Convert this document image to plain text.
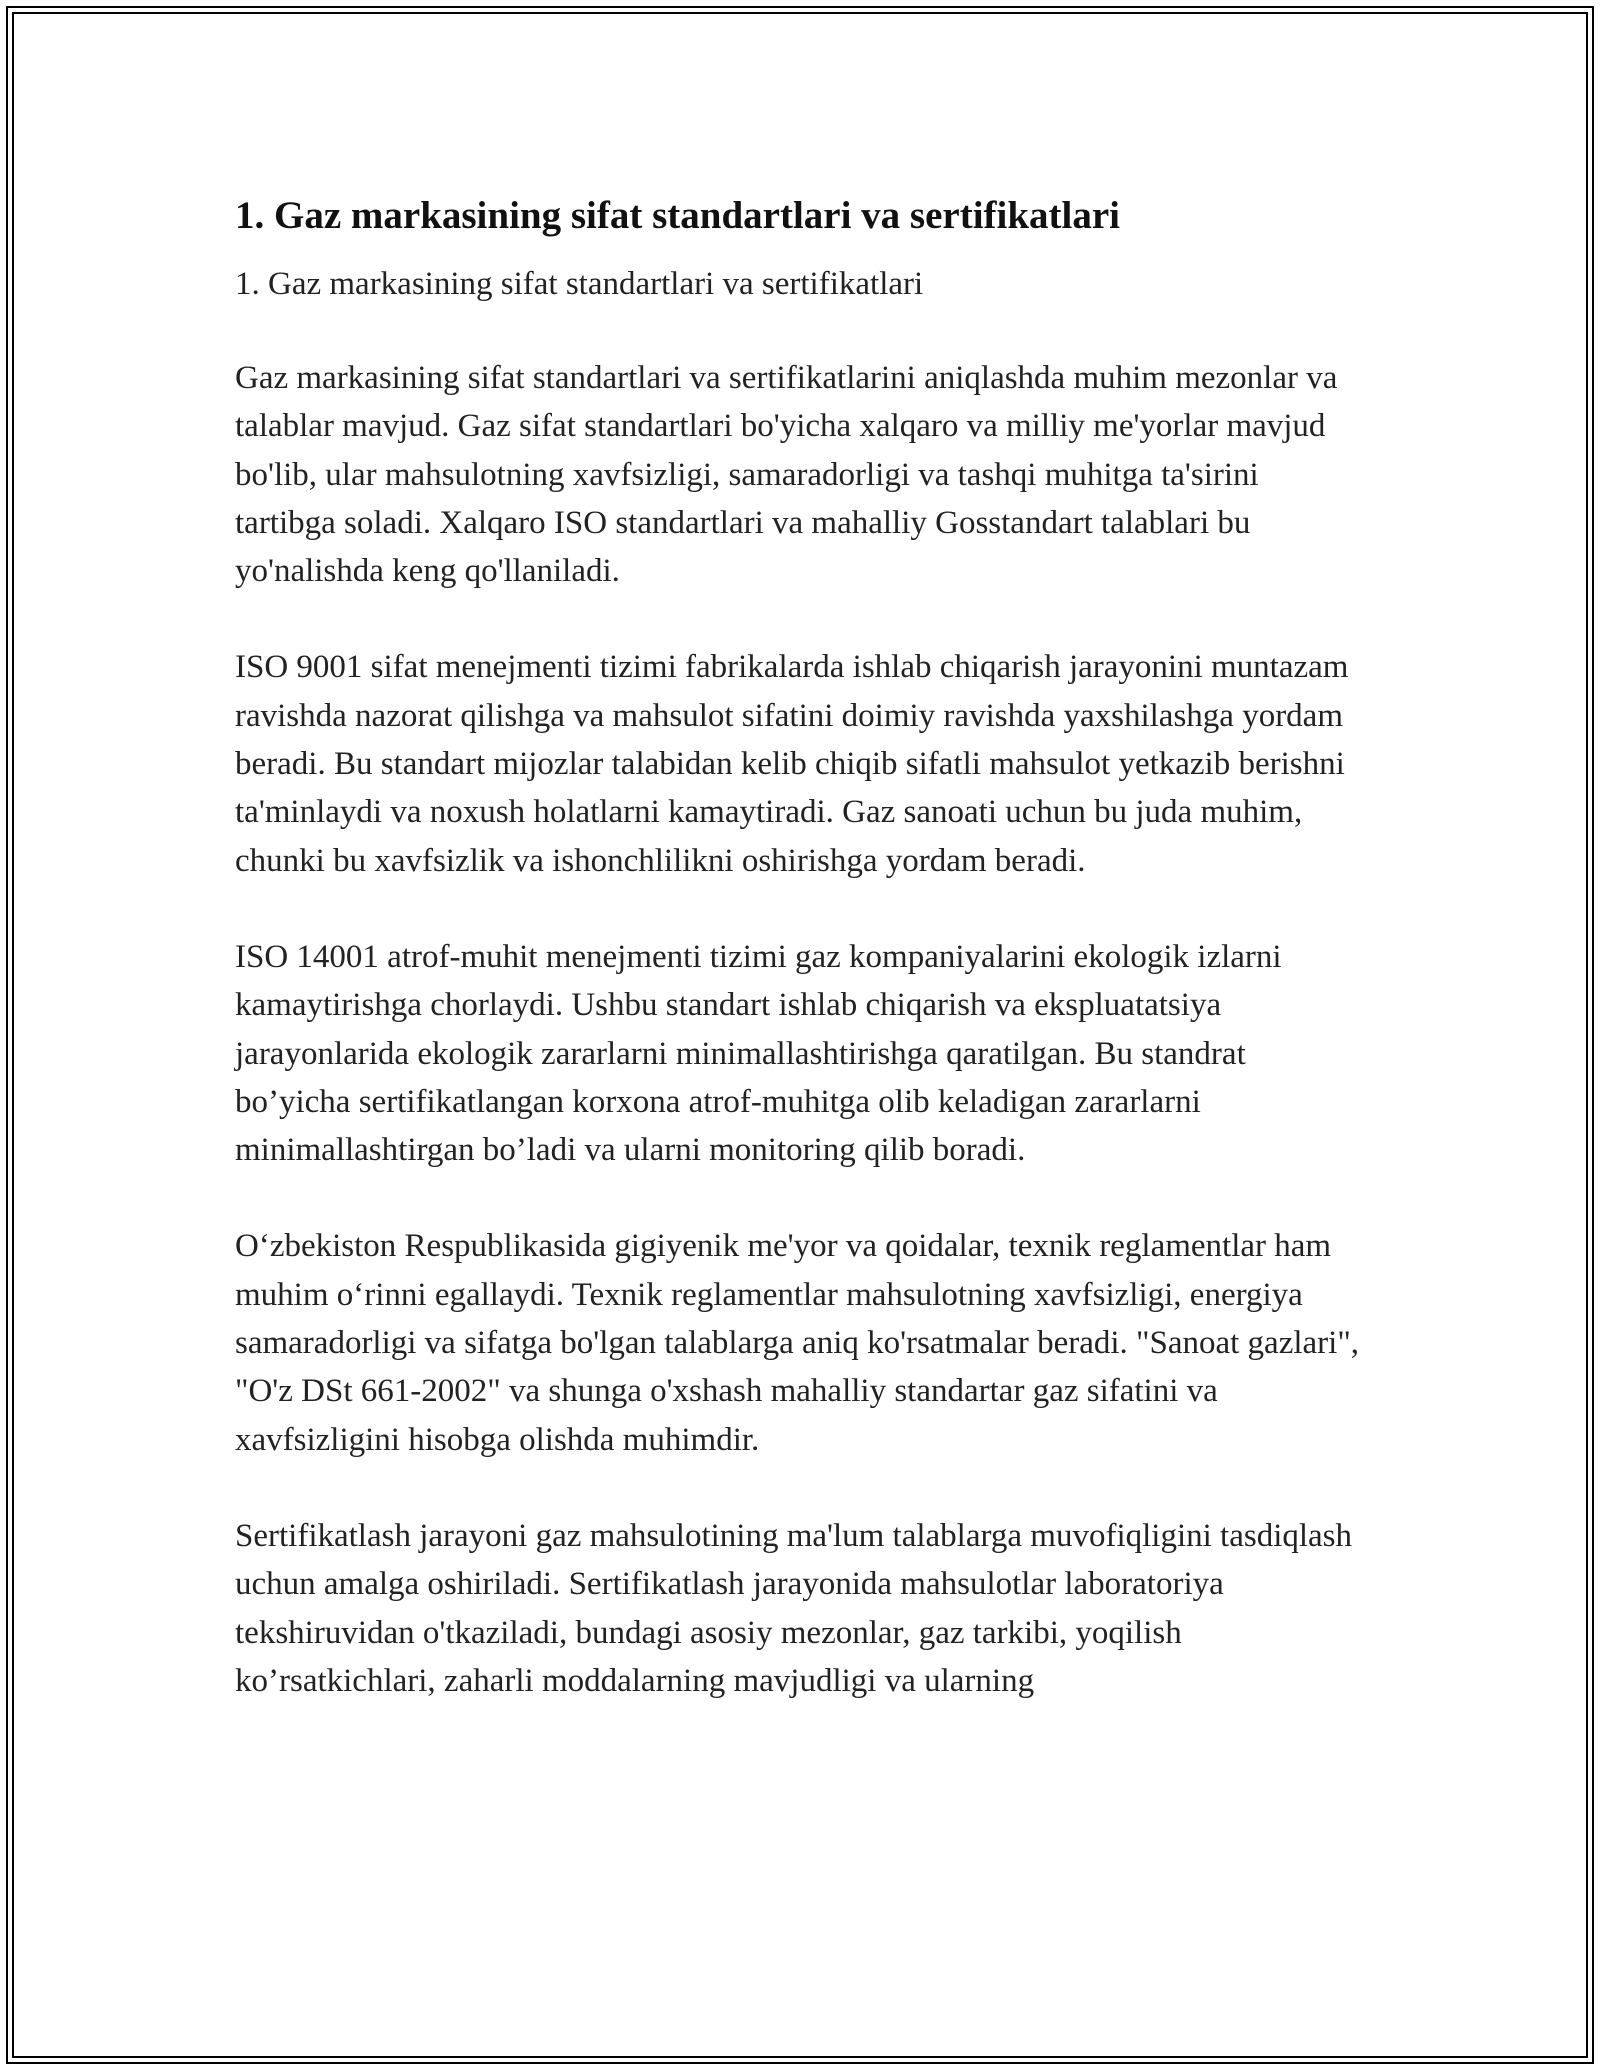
1. Gaz markasining sifat standartlari va sertifikatlari

1. Gaz markasining sifat standartlari va sertifikatlari

Gaz markasining sifat standartlari va sertifikatlarini aniqlashda muhim mezonlar va talablar mavjud. Gaz sifat standartlari bo'yicha xalqaro va milliy me'yorlar mavjud bo'lib, ular mahsulotning xavfsizligi, samaradorligi va tashqi muhitga ta'sirini tartibga soladi. Xalqaro ISO standartlari va mahalliy Gosstandart talablari bu yo'nalishda keng qo'llaniladi.

ISO 9001 sifat menejmenti tizimi fabrikalarda ishlab chiqarish jarayonini muntazam ravishda nazorat qilishga va mahsulot sifatini doimiy ravishda yaxshilashga yordam beradi. Bu standart mijozlar talabidan kelib chiqib sifatli mahsulot yetkazib berishni ta'minlaydi va noxush holatlarni kamaytiradi. Gaz sanoati uchun bu juda muhim, chunki bu xavfsizlik va ishonchlilikni oshirishga yordam beradi.

ISO 14001 atrof-muhit menejmenti tizimi gaz kompaniyalarini ekologik izlarni kamaytirishga chorlaydi. Ushbu standart ishlab chiqarish va ekspluatatsiya jarayonlarida ekologik zararlarni minimallashtirishga qaratilgan. Bu standrat bo’yicha sertifikatlangan korxona atrof-muhitga olib keladigan zararlarni minimallashtirgan bo’ladi va ularni monitoring qilib boradi.

O‘zbekiston Respublikasida gigiyenik me'yor va qoidalar, texnik reglamentlar ham muhim o‘rinni egallaydi. Texnik reglamentlar mahsulotning xavfsizligi, energiya samaradorligi va sifatga bo'lgan talablarga aniq ko'rsatmalar beradi. "Sanoat gazlari", "O'z DSt 661-2002" va shunga o'xshash mahalliy standartar gaz sifatini va xavfsizligini hisobga olishda muhimdir.

Sertifikatlash jarayoni gaz mahsulotining ma'lum talablarga muvofiqligini tasdiqlash uchun amalga oshiriladi. Sertifikatlash jarayonida mahsulotlar laboratoriya tekshiruvidan o'tkaziladi, bundagi asosiy mezonlar, gaz tarkibi, yoqilish ko’rsatkichlari, zaharli moddalarning mavjudligi va ularning
